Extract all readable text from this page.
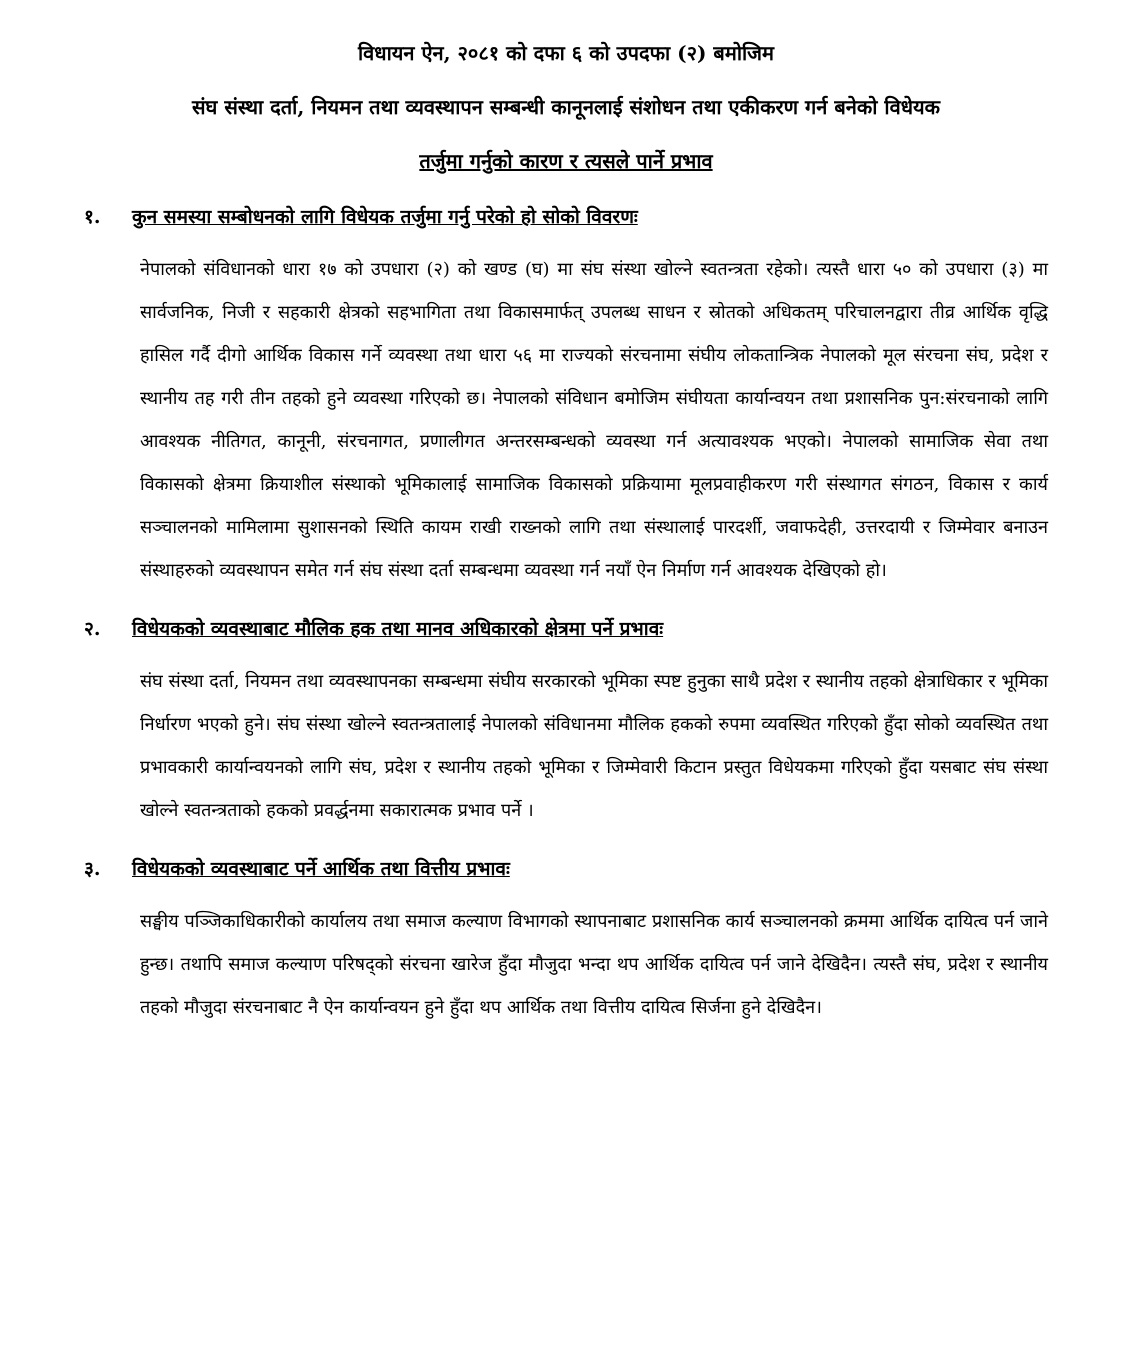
विधायन ऐन, २०८१ को दफा ६ को उपदफा (२) बमोजिम

संघ संस्था दर्ता, नियमन तथा व्यवस्थापन सम्बन्धी कानूनलाई संशोधन तथा एकीकरण गर्न बनेको विधेयक

तर्जुमा गर्नुको कारण र त्यसले पार्ने प्रभाव

१.	कुन समस्या सम्बोधनको लागि विधेयक तर्जुमा गर्नु परेको हो सोको विवरणः

नेपालको संविधानको धारा १७ को उपधारा (२) को खण्ड (घ) मा संघ संस्था खोल्ने स्वतन्त्रता रहेको। त्यस्तै धारा ५० को उपधारा (३) मा सार्वजनिक, निजी र सहकारी क्षेत्रको सहभागिता तथा विकासमार्फत् उपलब्ध साधन र स्रोतको अधिकतम् परिचालनद्वारा तीव्र आर्थिक वृद्धि हासिल गर्दै दीगो आर्थिक विकास गर्ने व्यवस्था तथा धारा ५६ मा राज्यको संरचनामा संघीय लोकतान्त्रिक नेपालको मूल संरचना संघ, प्रदेश र स्थानीय तह गरी तीन तहको हुने व्यवस्था गरिएको छ। नेपालको संविधान बमोजिम संघीयता कार्यान्वयन तथा प्रशासनिक पुन:संरचनाको लागि आवश्यक नीतिगत, कानूनी, संरचनागत, प्रणालीगत अन्तरसम्बन्धको व्यवस्था गर्न अत्यावश्यक भएको। नेपालको सामाजिक सेवा तथा विकासको क्षेत्रमा क्रियाशील संस्थाको भूमिकालाई सामाजिक विकासको प्रक्रियामा मूलप्रवाहीकरण गरी संस्थागत संगठन, विकास र कार्य सञ्चालनको मामिलामा सुशासनको स्थिति कायम राखी राख्नको लागि तथा संस्थालाई पारदर्शी, जवाफदेही, उत्तरदायी र जिम्मेवार बनाउन संस्थाहरुको व्यवस्थापन समेत गर्न संघ संस्था दर्ता सम्बन्धमा व्यवस्था गर्न नयाँ ऐन निर्माण गर्न आवश्यक देखिएको हो।

२.	विधेयकको व्यवस्थाबाट मौलिक हक तथा मानव अधिकारको क्षेत्रमा पर्ने प्रभावः

संघ संस्था दर्ता, नियमन तथा व्यवस्थापनका सम्बन्धमा संघीय सरकारको भूमिका स्पष्ट हुनुका साथै प्रदेश र स्थानीय तहको क्षेत्राधिकार र भूमिका निर्धारण भएको हुने। संघ संस्था खोल्ने स्वतन्त्रतालाई नेपालको संविधानमा मौलिक हकको रुपमा व्यवस्थित गरिएको हुँदा सोको व्यवस्थित तथा प्रभावकारी कार्यान्वयनको लागि संघ, प्रदेश र स्थानीय तहको भूमिका र जिम्मेवारी किटान प्रस्तुत विधेयकमा गरिएको हुँदा यसबाट संघ संस्था खोल्ने स्वतन्त्रताको हकको प्रवर्द्धनमा सकारात्मक प्रभाव पर्ने ।

३.	विधेयकको व्यवस्थाबाट पर्ने आर्थिक तथा वित्तीय प्रभावः

सङ्घीय पञ्जिकाधिकारीको कार्यालय तथा समाज कल्याण विभागको स्थापनाबाट प्रशासनिक कार्य सञ्चालनको क्रममा आर्थिक दायित्व पर्न जाने हुन्छ। तथापि समाज कल्याण परिषद्को संरचना खारेज हुँदा मौजुदा भन्दा थप आर्थिक दायित्व पर्न जाने देखिदैन। त्यस्तै संघ, प्रदेश र स्थानीय तहको मौजुदा संरचनाबाट नै ऐन कार्यान्वयन हुने हुँदा थप आर्थिक तथा वित्तीय दायित्व सिर्जना हुने देखिदैन।
